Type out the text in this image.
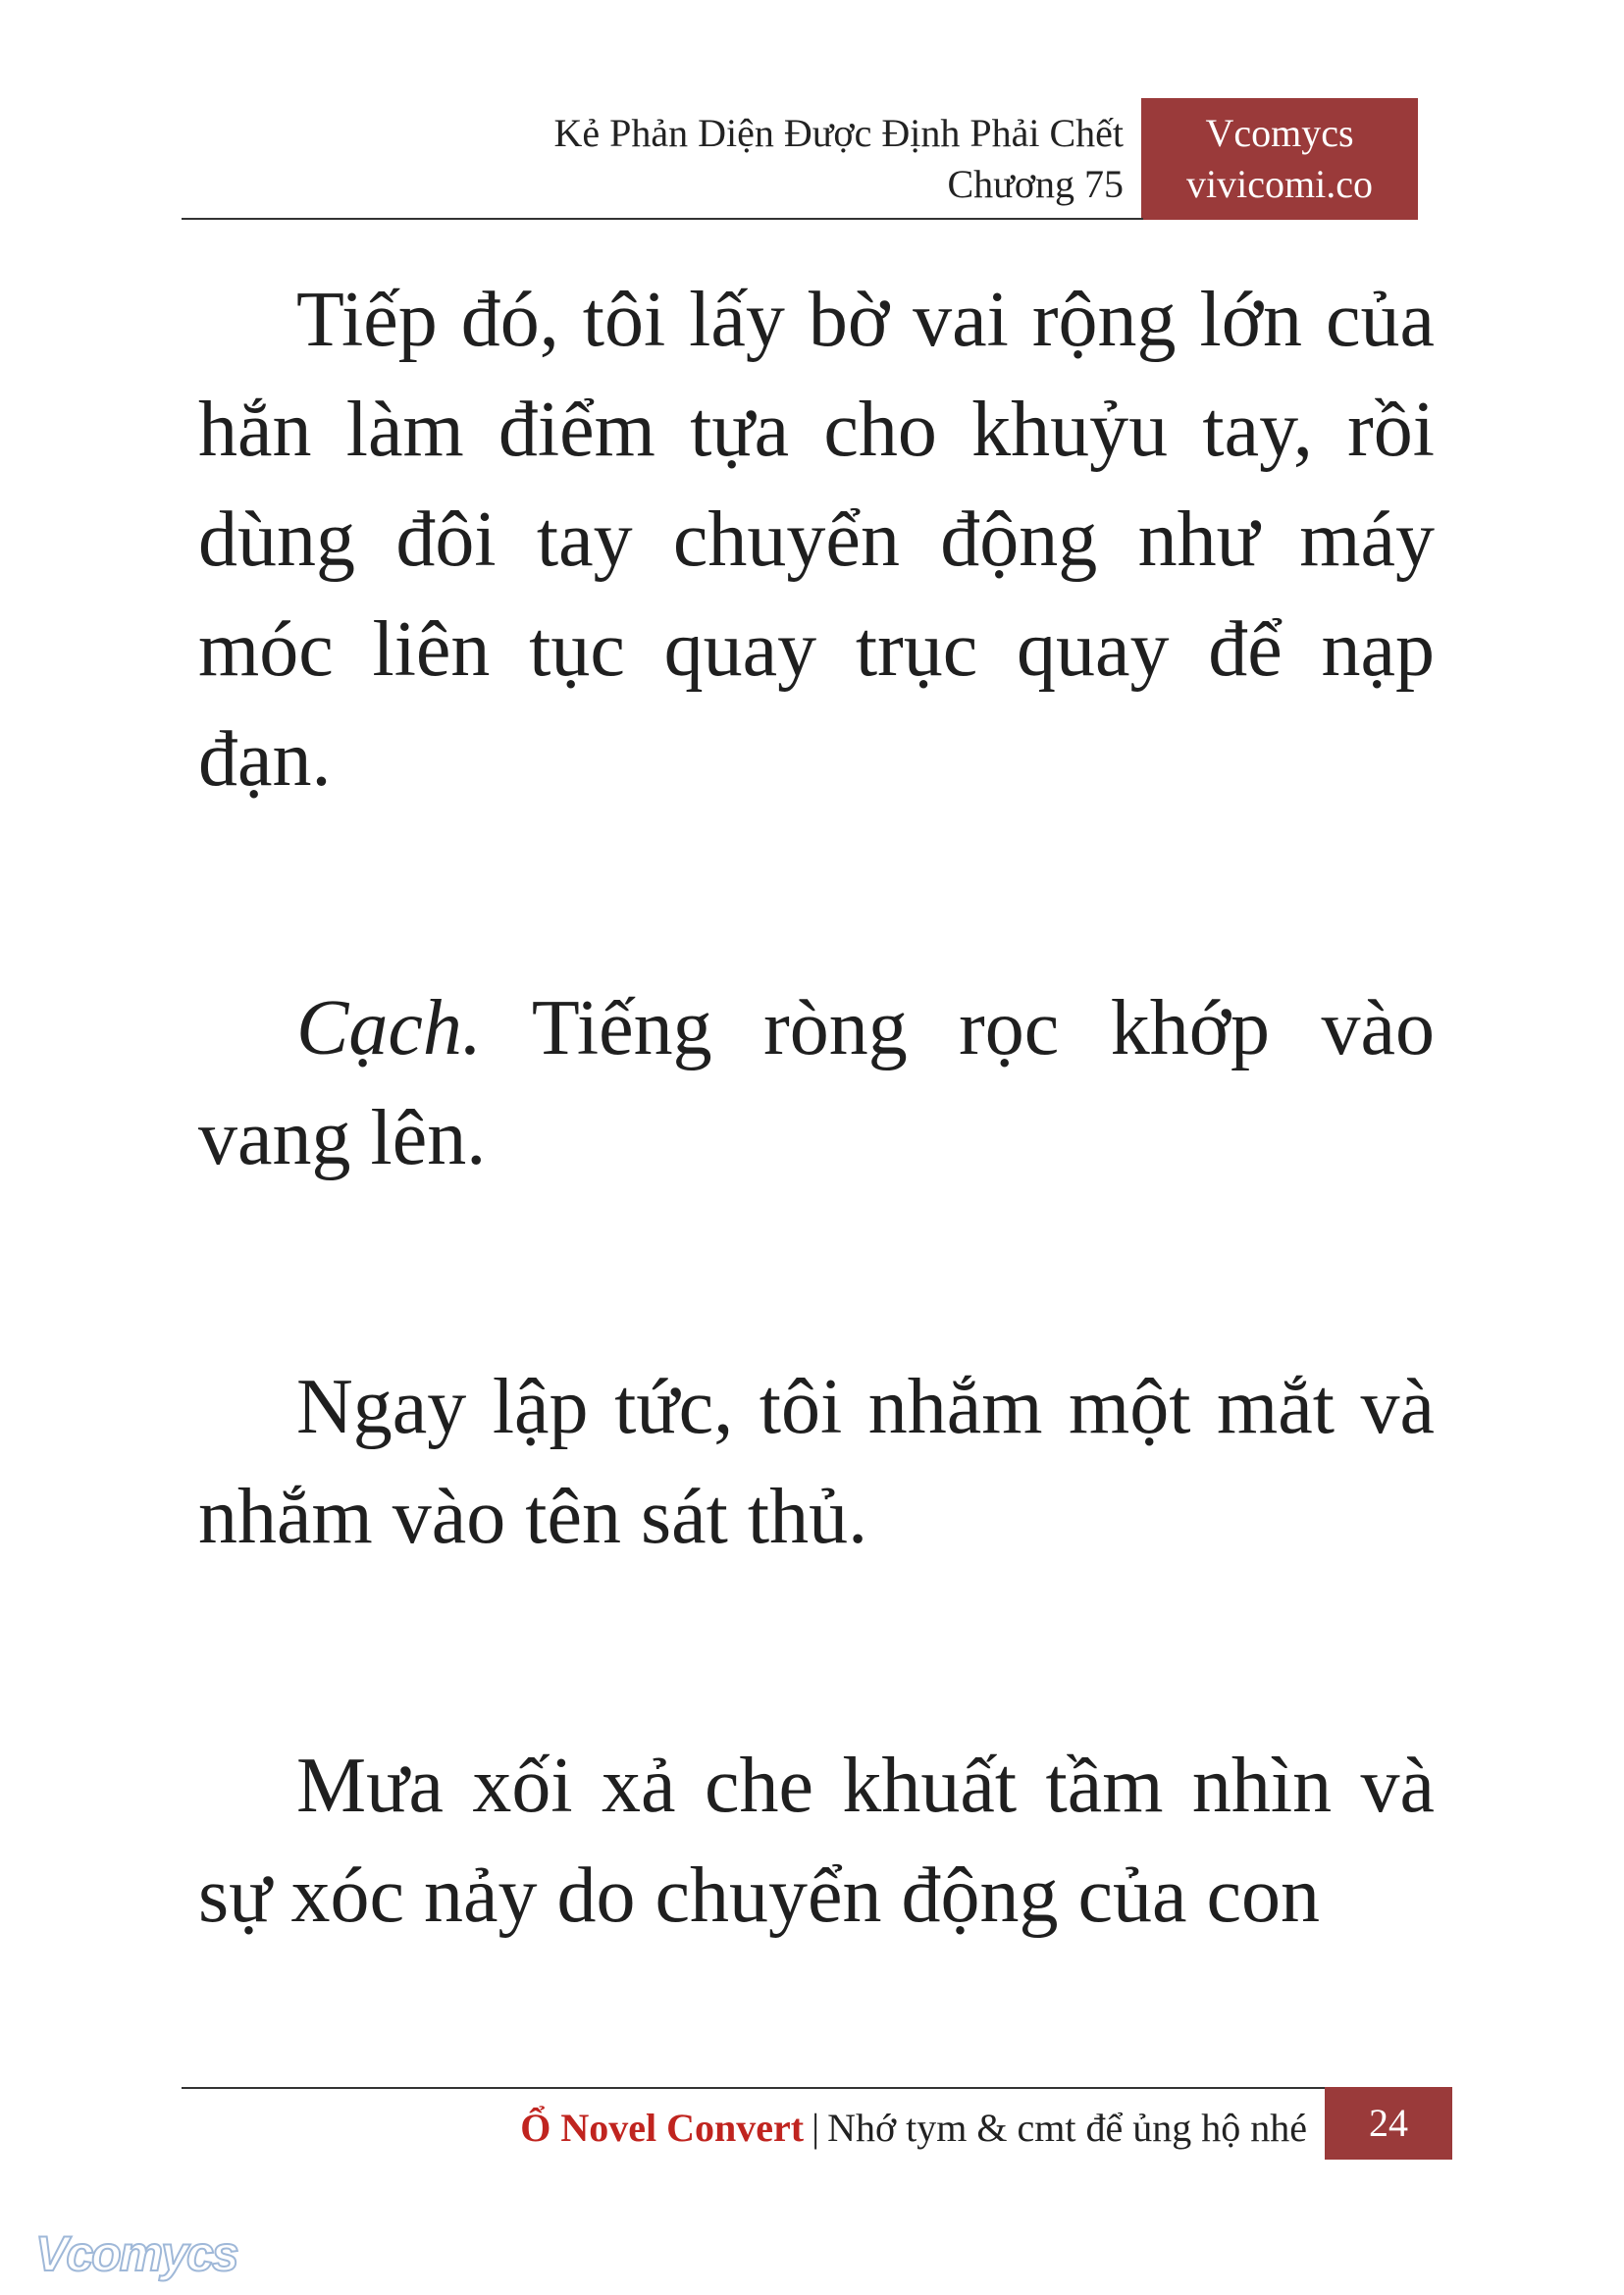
Kẻ Phản Diện Được Định Phải Chết
Chương 75
Vcomycs
vivicomi.co

Tiếp đó, tôi lấy bờ vai rộng lớn của hắn làm điểm tựa cho khuỷu tay, rồi dùng đôi tay chuyển động như máy móc liên tục quay trục quay để nạp đạn.

Cạch. Tiếng ròng rọc khớp vào vang lên.

Ngay lập tức, tôi nhắm một mắt và nhắm vào tên sát thủ.

Mưa xối xả che khuất tầm nhìn và sự xóc nảy do chuyển động của con

Ổ Novel Convert | Nhớ tym & cmt để ủng hộ nhé	24
Vcomycs
